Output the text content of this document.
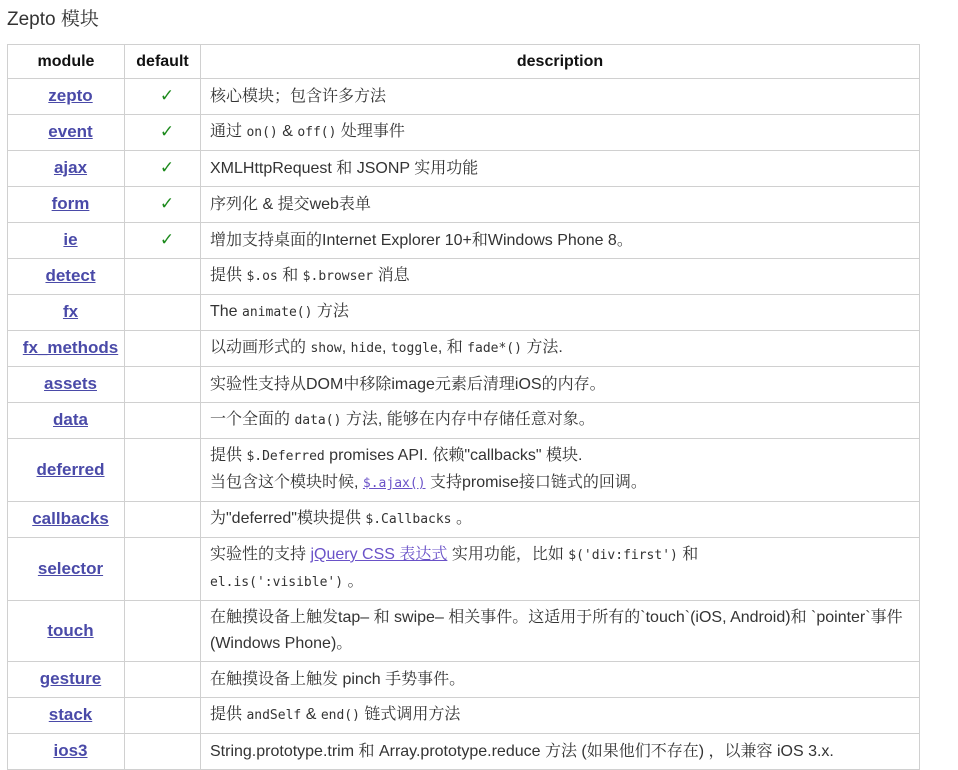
Zepto 模块
module	default	description
zepto	✓	核心模块；包含许多方法
event	✓	通过 on() & off() 处理事件
ajax	✓	XMLHttpRequest 和 JSONP 实用功能
form	✓	序列化 & 提交web表单
ie	✓	增加支持桌面的Internet Explorer 10+和Windows Phone 8。
detect		提供 $.os 和 $.browser 消息
fx		The animate() 方法
fx_methods		以动画形式的 show, hide, toggle, 和 fade*() 方法.
assets		实验性支持从DOM中移除image元素后清理iOS的内存。
data		一个全面的 data() 方法, 能够在内存中存储任意对象。
deferred		提供 $.Deferred promises API. 依赖"callbacks" 模块.
当包含这个模块时候, $.ajax() 支持promise接口链式的回调。
callbacks		为"deferred"模块提供 $.Callbacks 。
selector		实验性的支持 jQuery CSS 表达式 实用功能，比如 $('div:first') 和
el.is(':visible') 。
touch		在触摸设备上触发tap– 和 swipe– 相关事件。这适用于所有的`touch`(iOS, Android)和 `pointer`事件(Windows Phone)。
gesture		在触摸设备上触发 pinch 手势事件。
stack		提供 andSelf & end() 链式调用方法
ios3		String.prototype.trim 和 Array.prototype.reduce 方法 (如果他们不存在) ，以兼容 iOS 3.x.
